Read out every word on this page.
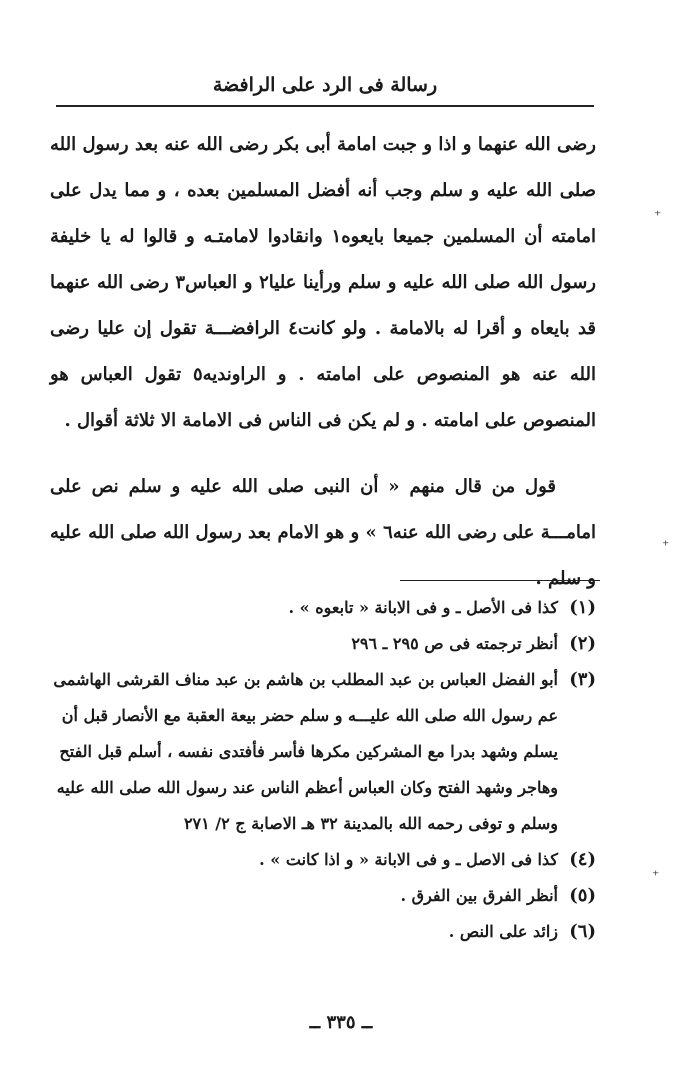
رسالة فى الرد على الرافضة

رضى الله عنهما و اذا و جبت امامة أبى بكر رضى الله عنه بعد رسول الله صلى الله عليه و سلم وجب أنه أفضل المسلمين بعده ، و مما يدل على امامته أن المسلمين جميعا بايعوه١ وانقادوا لامامتـه و قالوا له يا خليفة رسول الله صلى الله عليه و سلم ورأينا عليا٢ و العباس٣ رضى الله عنهما قد بايعاه و أقرا له بالامامة . ولو كانت٤ الرافضـــة تقول إن عليا رضى الله عنه هو المنصوص على امامته . و الراونديه٥ تقول العباس هو المنصوص على امامته . و لم يكن فى الناس فى الامامة الا ثلاثة أقوال .

قول من قال منهم « أن النبى صلى الله عليه و سلم نص على امامـــة على رضى الله عنه٦ » و هو الامام بعد رسول الله صلى الله عليه و سلم .

(١)
كذا فى الأصل ـ و فى الابانة « تابعوه » .
(٢)
أنظر ترجمته فى ص ٢٩٥ ـ ٢٩٦
(٣)
أبو الفضل العباس بن عبد المطلب بن هاشم بن عبد مناف القرشى الهاشمى عم رسول الله صلى الله عليـــه و سلم حضر بيعة العقبة مع الأنصار قبل أن يسلم وشهد بدرا مع المشركين مكرها فأسر فأفتدى نفسه ، أسلم قبل الفتح وهاجر وشهد الفتح وكان العباس أعظم الناس عند رسول الله صلى الله عليه وسلم و توفى رحمه الله بالمدينة ٣٢ هـ الاصابة ج ٢/ ٢٧١
(٤)
كذا فى الاصل ـ و فى الابانة « و اذا كانت » .
(٥)
أنظر الفرق بين الفرق .
(٦)
زائد على النص .
ــ ٣٣٥ ــ
⁺
⁺
⁺
